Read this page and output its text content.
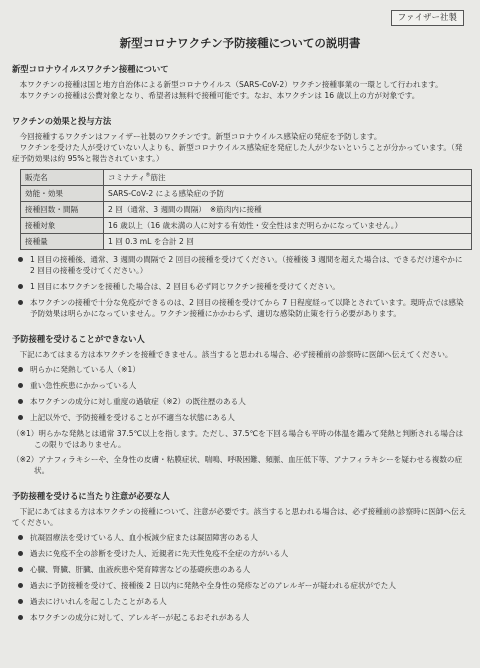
ファイザー社製
新型コロナワクチン予防接種についての説明書
新型コロナウイルスワクチン接種について

本ワクチンの接種は国と地方自治体による新型コロナウイルス（SARS-CoV-2）ワクチン接種事業の一環として行われます。

本ワクチンの接種は公費対象となり、希望者は無料で接種可能です。なお、本ワクチンは 16 歳以上の方が対象です。

ワクチンの効果と投与方法

今回接種するワクチンはファイザー社製のワクチンです。新型コロナウイルス感染症の発症を予防します。

ワクチンを受けた人が受けていない人よりも、新型コロナウイルス感染症を発症した人が少ないということが分かっています。（発症予防効果は約 95%と報告されています。）

販売名	コミナティ®筋注
効能・効果	SARS-CoV-2 による感染症の予防
接種回数・間隔	2 回（通常、3 週間の間隔）　※筋肉内に接種
接種対象	16 歳以上（16 歳未満の人に対する有効性・安全性はまだ明らかになっていません。）
接種量	1 回 0.3 mL を合計 2 回
1 回目の接種後、通常、3 週間の間隔で 2 回目の接種を受けてください。（接種後 3 週間を超えた場合は、できるだけ速やかに 2 回目の接種を受けてください。）
1 回目に本ワクチンを接種した場合は、2 回目も必ず同じワクチン接種を受けてください。
本ワクチンの接種で十分な免疫ができるのは、2 回目の接種を受けてから 7 日程度経って以降とされています。現時点では感染予防効果は明らかになっていません。ワクチン接種にかかわらず、適切な感染防止策を行う必要があります。
予防接種を受けることができない人

下記にあてはまる方は本ワクチンを接種できません。該当すると思われる場合、必ず接種前の診察時に医師へ伝えてください。

明らかに発熱している人（※1）
重い急性疾患にかかっている人
本ワクチンの成分に対し重度の過敏症（※2）の既往歴のある人
上記以外で、予防接種を受けることが不適当な状態にある人
（※1）明らかな発熱とは通常 37.5℃以上を指します。ただし、37.5℃を下回る場合も平時の体温を鑑みて発熱と判断される場合はこの限りではありません。
（※2）アナフィラキシーや、全身性の皮膚・粘膜症状、喘鳴、呼吸困難、頻脈、血圧低下等、アナフィラキシーを疑わせる複数の症状。
予防接種を受けるに当たり注意が必要な人

下記にあてはまる方は本ワクチンの接種について、注意が必要です。該当すると思われる場合は、必ず接種前の診察時に医師へ伝えてください。

抗凝固療法を受けている人、血小板減少症または凝固障害のある人
過去に免疫不全の診断を受けた人、近親者に先天性免疫不全症の方がいる人
心臓、腎臓、肝臓、血液疾患や発育障害などの基礎疾患のある人
過去に予防接種を受けて、接種後 2 日以内に発熱や全身性の発疹などのアレルギーが疑われる症状がでた人
過去にけいれんを起こしたことがある人
本ワクチンの成分に対して、アレルギーが起こるおそれがある人
